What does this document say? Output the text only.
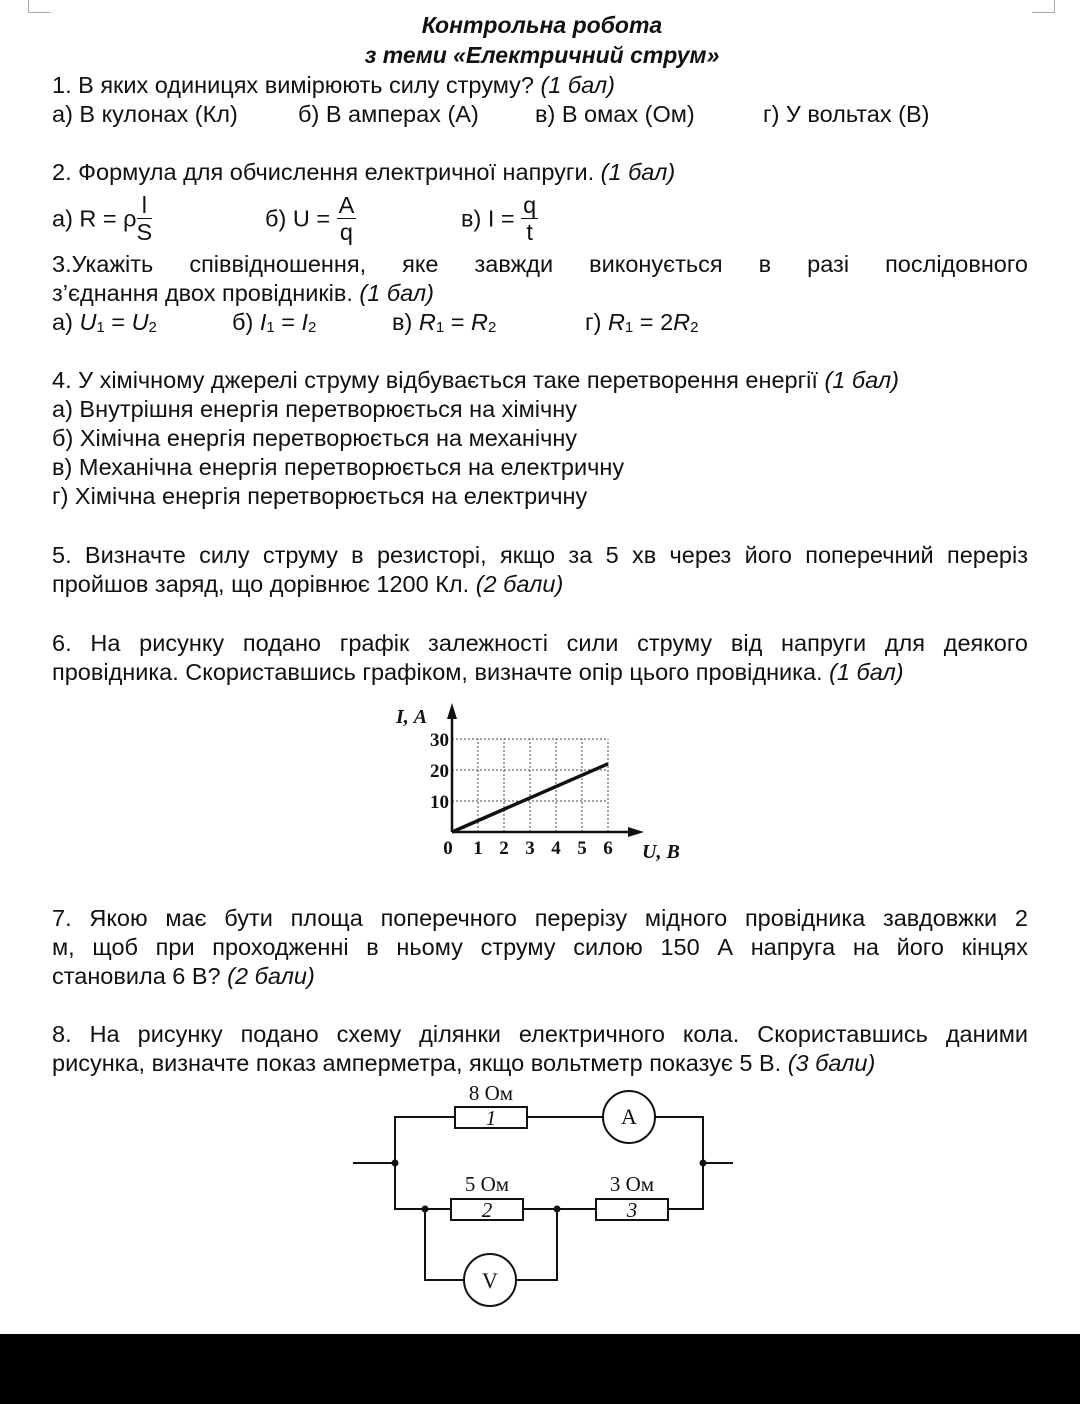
Контрольна робота
з теми «Електричний струм»
1. В яких одиницях вимірюють силу струму? (1 бал)
а) В кулонах (Кл)	б) В амперах (А) в) В омах (Ом)	г) У вольтах (В)
2. Формула для обчислення електричної напруги. (1 бал)
а) R = ρ $\frac{l}{S}$	б) $U = \frac{A}{q}$	в) $I = \frac{q}{t}$
3.Укажіть співвідношення, яке завжди виконується в разі послідовного
з’єднання двох провідників. (1 бал)
а) $U_1 = U_2$	б) $I_1 = I_2$	в) $R_1 = R_2$	г) $R_1 = 2R_2$
4. У хімічному джерелі струму відбувається таке перетворення енергії (1 бал)
а) Внутрішня енергія перетворюється на хімічну
б) Хімічна енергія перетворюється на механічну
в) Механічна енергія перетворюється на електричну
г) Хімічна енергія перетворюється на електричну
5. Визначте силу струму в резисторі, якщо за 5 хв через його поперечний переріз
пройшов заряд, що дорівнює 1200 Кл. (2 бали)
6. На рисунку подано графік залежності сили струму від напруги для деякого
провідника. Скориставшись графіком, визначте опір цього провідника. (1 бал)
0 1 2 3 4 5 6
10
20
30
U, В
I, А
7. Якою має бути площа поперечного перерізу мідного провідника завдовжки 2
м, щоб при проходженні в ньому струму силою 150 А напруга на його кінцях
становила 6 В? (2 бали)
8. На рисунку подано схему ділянки електричного кола. Скориставшись даними
рисунка, визначте показ амперметра, якщо вольтметр показує 5 В. (3 бали)
8 Ом
1
5 Ом
2
3 Ом
3
A
V
